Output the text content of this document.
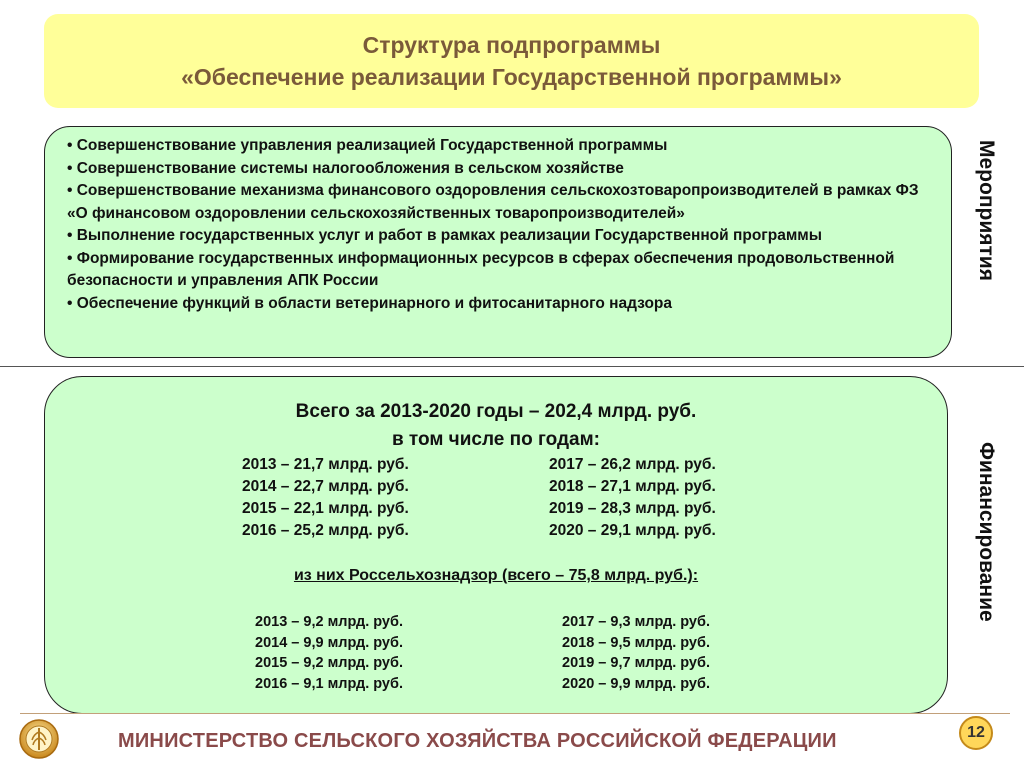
Структура подпрограммы
«Обеспечение реализации Государственной программы»
• Совершенствование управления реализацией Государственной программы
• Совершенствование системы налогообложения в сельском хозяйстве
• Совершенствование механизма финансового оздоровления сельскохозтоваропроизводителей в рамках ФЗ «О финансовом оздоровлении сельскохозяйственных товаропроизводителей»
• Выполнение государственных услуг и работ в рамках реализации Государственной программы
• Формирование государственных информационных ресурсов в сферах обеспечения продовольственной безопасности и управления АПК России
• Обеспечение функций в области ветеринарного и фитосанитарного надзора
Мероприятия
Всего за 2013-2020 годы – 202,4 млрд. руб.
в том числе по годам:
2013 – 21,7 млрд. руб.
2014 – 22,7 млрд. руб.
2015 – 22,1 млрд. руб.
2016 – 25,2 млрд. руб.
2017 – 26,2 млрд. руб.
2018 – 27,1 млрд. руб.
2019 – 28,3 млрд. руб.
2020 – 29,1 млрд. руб.
из них Россельхознадзор (всего – 75,8 млрд. руб.):
2013 – 9,2 млрд. руб.
2014 – 9,9 млрд. руб.
2015 – 9,2 млрд. руб.
2016 – 9,1 млрд. руб.
2017 – 9,3 млрд. руб.
2018 – 9,5 млрд. руб.
2019 – 9,7 млрд. руб.
2020 – 9,9 млрд. руб.
Финансирование
МИНИСТЕРСТВО СЕЛЬСКОГО ХОЗЯЙСТВА РОССИЙСКОЙ ФЕДЕРАЦИИ	12
